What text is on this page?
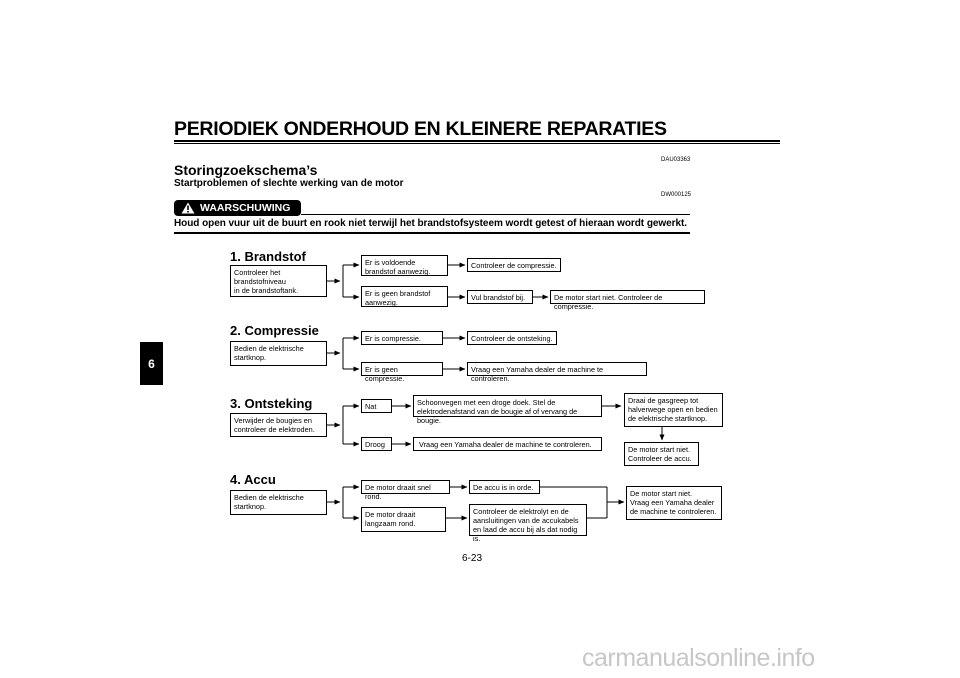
PERIODIEK ONDERHOUD EN KLEINERE REPARATIES
6
DAU03363
Storingzoekschema’s
Startproblemen of slechte werking van de motor
DW000125
WAARSCHUWING
Houd open vuur uit de buurt en rook niet terwijl het brandstofsysteem wordt getest of hieraan wordt gewerkt.
1. Brandstof
Controleer het
brandstofniveau
in de brandstoftank.
Er is voldoende
brandstof aanwezig.
Controleer de compressie.
Er is geen brandstof
aanwezig.
Vul brandstof bij.	De motor start niet. Controleer de compressie.
2. Compressie
Bedien de elektrische
startknop.
Er is compressie.	Controleer de ontsteking.
Er is geen compressie.
Vraag een Yamaha dealer de machine te controleren.
3. Ontsteking
Verwijder de bougies en
controleer de elektroden.
Nat	Schoonvegen met een droge doek. Stel de
elektrodenafstand van de bougie af of vervang de bougie.
Draai de gasgreep tot
halverwege open en bedien
de elektrische startknop.
De motor start niet.
Controleer de accu.
Droog	Vraag een Yamaha dealer de machine te controleren.
4. Accu
Bedien de elektrische
startknop.
De motor draait snel rond.
De accu is in orde.
De motor draait
langzaam rond.
Controleer de elektrolyt en de
aansluitingen van de accukabels
en laad de accu bij als dat nodig is.
De motor start niet.
Vraag een Yamaha dealer
de machine te controleren.
6-23
carmanualsonline.info
